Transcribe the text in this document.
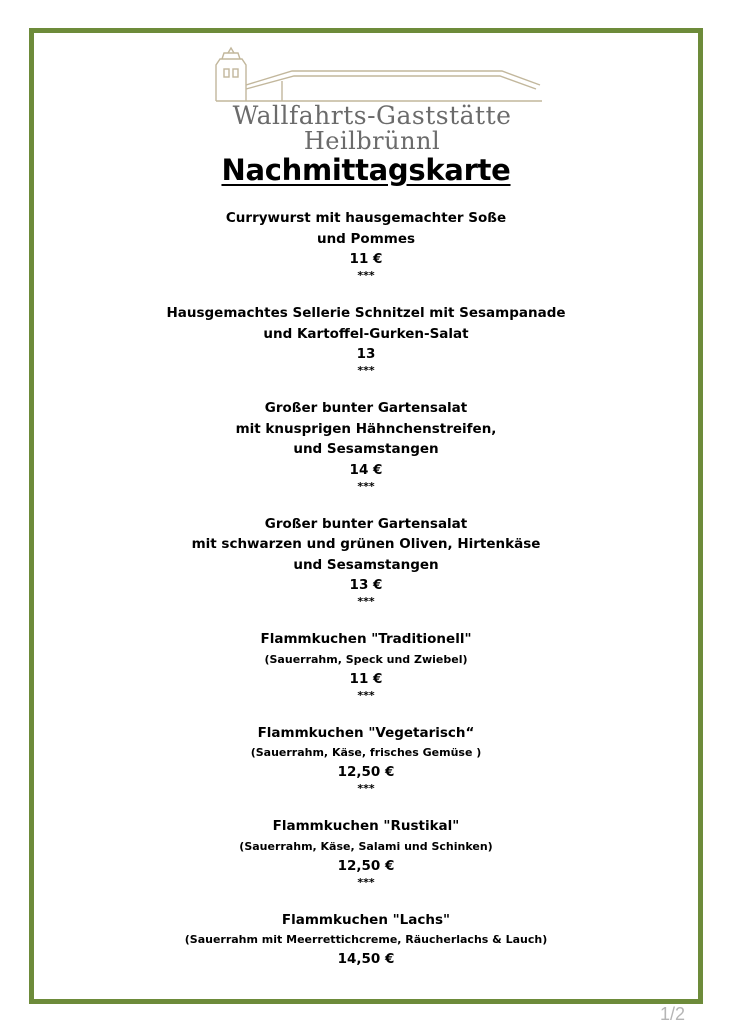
Wallfahrts-Gaststätte
Heilbrünnl
Nachmittagskarte
Currywurst mit hausgemachter Soße
und Pommes
11 €
***
Hausgemachtes Sellerie Schnitzel mit Sesampanade
und Kartoffel-Gurken-Salat
13
***
Großer bunter Gartensalat
mit knusprigen Hähnchenstreifen,
und Sesamstangen
14 €
***
Großer bunter Gartensalat
mit schwarzen und grünen Oliven, Hirtenkäse
und Sesamstangen
13 €
***
Flammkuchen "Traditionell"
(Sauerrahm, Speck und Zwiebel)
11 €
***
Flammkuchen "Vegetarisch“
(Sauerrahm, Käse, frisches Gemüse )
12,50 €
***
Flammkuchen "Rustikal"
(Sauerrahm, Käse, Salami und Schinken)
12,50 €
***
Flammkuchen "Lachs"
(Sauerrahm mit Meerrettichcreme, Räucherlachs & Lauch)
14,50 €
1/2
